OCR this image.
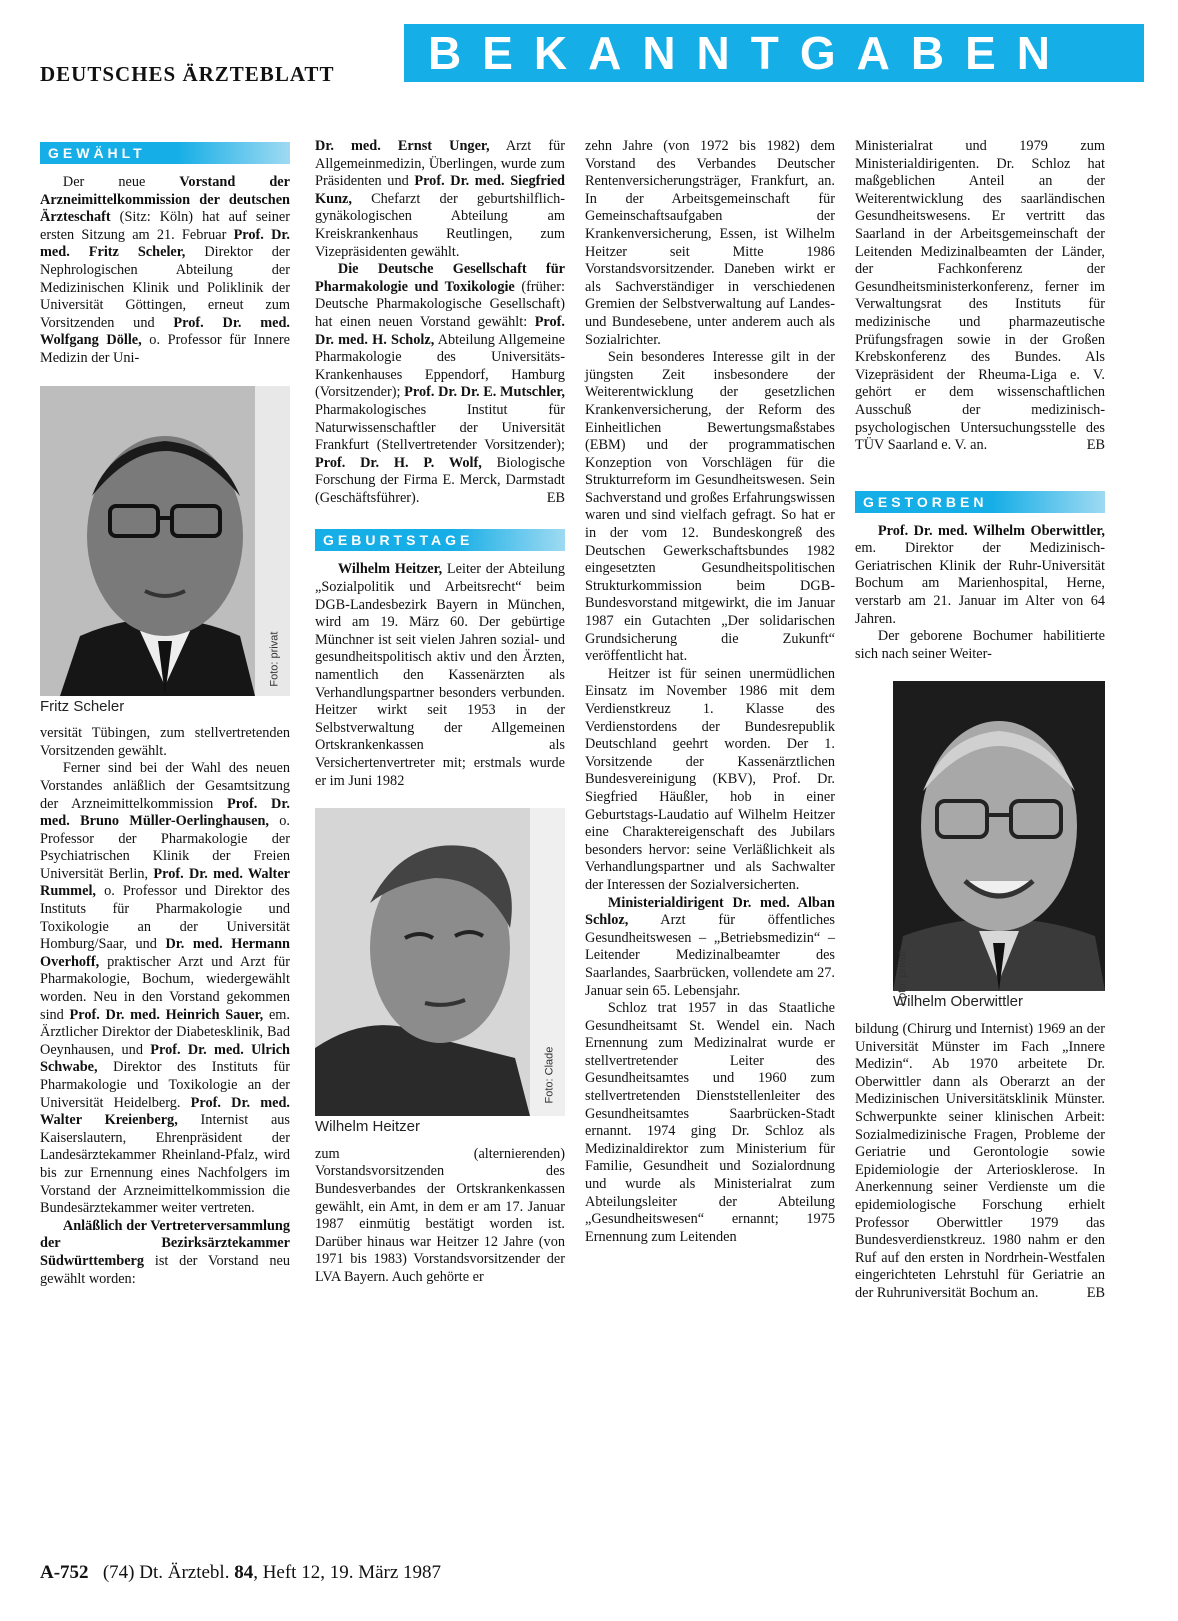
DEUTSCHES ÄRZTEBLATT	BEKANNTGABEN
GEWÄHLT

Der neue Vorstand der Arzneimittelkommission der deutschen Ärzteschaft (Sitz: Köln) hat auf seiner ersten Sitzung am 21. Februar Prof. Dr. med. Fritz Scheler, Direktor der Nephrologischen Abteilung der Medizinischen Klinik und Poliklinik der Universität Göttingen, erneut zum Vorsitzenden und Prof. Dr. med. Wolfgang Dölle, o. Professor für Innere Medizin der Uni-

Foto: privat
Fritz Scheler

versität Tübingen, zum stellvertretenden Vorsitzenden gewählt.

Ferner sind bei der Wahl des neuen Vorstandes anläßlich der Gesamtsitzung der Arzneimittelkommission Prof. Dr. med. Bruno Müller-Oerlinghausen, o. Professor der Pharmakologie der Psychiatrischen Klinik der Freien Universität Berlin, Prof. Dr. med. Walter Rummel, o. Professor und Direktor des Instituts für Pharmakologie und Toxikologie an der Universität Homburg/Saar, und Dr. med. Hermann Overhoff, praktischer Arzt und Arzt für Pharmakologie, Bochum, wiedergewählt worden. Neu in den Vorstand gekommen sind Prof. Dr. med. Heinrich Sauer, em. Ärztlicher Direktor der Diabetesklinik, Bad Oeynhausen, und Prof. Dr. med. Ulrich Schwabe, Direktor des Instituts für Pharmakologie und Toxikologie an der Universität Heidelberg. Prof. Dr. med. Walter Kreienberg, Internist aus Kaiserslautern, Ehrenpräsident der Landesärztekammer Rheinland-Pfalz, wird bis zur Ernennung eines Nachfolgers im Vorstand der Arzneimittelkommission die Bundesärztekammer weiter vertreten.

Anläßlich der Vertreterversammlung der Bezirksärztekammer Südwürttemberg ist der Vorstand neu gewählt worden:

Dr. med. Ernst Unger, Arzt für Allgemeinmedizin, Überlingen, wurde zum Präsidenten und Prof. Dr. med. Siegfried Kunz, Chefarzt der geburtshilflich-gynäkologischen Abteilung am Kreiskrankenhaus Reutlingen, zum Vizepräsidenten gewählt.

Die Deutsche Gesellschaft für Pharmakologie und Toxikologie (früher: Deutsche Pharmakologische Gesellschaft) hat einen neuen Vorstand gewählt: Prof. Dr. med. H. Scholz, Abteilung Allgemeine Pharmakologie des Universitäts-Krankenhauses Eppendorf, Hamburg (Vorsitzender); Prof. Dr. Dr. E. Mutschler, Pharmakologisches Institut für Naturwissenschaftler der Universität Frankfurt (Stellvertretender Vorsitzender); Prof. Dr. H. P. Wolf, Biologische Forschung der Firma E. Merck, Darmstadt (Geschäftsführer).	EB

GEBURTSTAGE

Wilhelm Heitzer, Leiter der Abteilung „Sozialpolitik und Arbeitsrecht“ beim DGB-Landesbezirk Bayern in München, wird am 19. März 60. Der gebürtige Münchner ist seit vielen Jahren sozial- und gesundheitspolitisch aktiv und den Ärzten, namentlich den Kassenärzten als Verhandlungspartner besonders verbunden. Heitzer wirkt seit 1953 in der Selbstverwaltung der Allgemeinen Ortskrankenkassen als Versichertenvertreter mit; erstmals wurde er im Juni 1982

Foto: Clade
Wilhelm Heitzer

zum (alternierenden) Vorstandsvorsitzenden des Bundesverbandes der Ortskrankenkassen gewählt, ein Amt, in dem er am 17. Januar 1987 einmütig bestätigt worden ist. Darüber hinaus war Heitzer 12 Jahre (von 1971 bis 1983) Vorstandsvorsitzender der LVA Bayern. Auch gehörte er

zehn Jahre (von 1972 bis 1982) dem Vorstand des Verbandes Deutscher Rentenversicherungsträger, Frankfurt, an. In der Arbeitsgemeinschaft für Gemeinschaftsaufgaben der Krankenversicherung, Essen, ist Wilhelm Heitzer seit Mitte 1986 Vorstandsvorsitzender. Daneben wirkt er als Sachverständiger in verschiedenen Gremien der Selbstverwaltung auf Landes- und Bundesebene, unter anderem auch als Sozialrichter.

Sein besonderes Interesse gilt in der jüngsten Zeit insbesondere der Weiterentwicklung der gesetzlichen Krankenversicherung, der Reform des Einheitlichen Bewertungsmaßstabes (EBM) und der programmatischen Konzeption von Vorschlägen für die Strukturreform im Gesundheitswesen. Sein Sachverstand und großes Erfahrungswissen waren und sind vielfach gefragt. So hat er in der vom 12. Bundeskongreß des Deutschen Gewerkschaftsbundes 1982 eingesetzten Gesundheitspolitischen Strukturkommission beim DGB-Bundesvorstand mitgewirkt, die im Januar 1987 ein Gutachten „Der solidarischen Grundsicherung die Zukunft“ veröffentlicht hat.

Heitzer ist für seinen unermüdlichen Einsatz im November 1986 mit dem Verdienstkreuz 1. Klasse des Verdienstordens der Bundesrepublik Deutschland geehrt worden. Der 1. Vorsitzende der Kassenärztlichen Bundesvereinigung (KBV), Prof. Dr. Siegfried Häußler, hob in einer Geburtstags-Laudatio auf Wilhelm Heitzer eine Charaktereigenschaft des Jubilars besonders hervor: seine Verläßlichkeit als Verhandlungspartner und als Sachwalter der Interessen der Sozialversicherten.

Ministerialdirigent Dr. med. Alban Schloz, Arzt für öffentliches Gesundheitswesen – „Betriebsmedizin“ – Leitender Medizinalbeamter des Saarlandes, Saarbrücken, vollendete am 27. Januar sein 65. Lebensjahr.

Schloz trat 1957 in das Staatliche Gesundheitsamt St. Wendel ein. Nach Ernennung zum Medizinalrat wurde er stellvertretender Leiter des Gesundheitsamtes und 1960 zum stellvertretenden Dienststellenleiter des Gesundheitsamtes Saarbrücken-Stadt ernannt. 1974 ging Dr. Schloz als Medizinaldirektor zum Ministerium für Familie, Gesundheit und Sozialordnung und wurde als Ministerialrat zum Abteilungsleiter der Abteilung „Gesundheitswesen“ ernannt; 1975 Ernennung zum Leitenden

Ministerialrat und 1979 zum Ministerialdirigenten. Dr. Schloz hat maßgeblichen Anteil an der Weiterentwicklung des saarländischen Gesundheitswesens. Er vertritt das Saarland in der Arbeitsgemeinschaft der Leitenden Medizinalbeamten der Länder, der Fachkonferenz der Gesundheitsministerkonferenz, ferner im Verwaltungsrat des Instituts für medizinische und pharmazeutische Prüfungsfragen sowie in der Großen Krebskonferenz des Bundes. Als Vizepräsident der Rheuma-Liga e. V. gehört er dem wissenschaftlichen Ausschuß der medizinisch-psychologischen Untersuchungsstelle des TÜV Saarland e. V. an.	EB

GESTORBEN

Prof. Dr. med. Wilhelm Oberwittler, em. Direktor der Medizinisch-Geriatrischen Klinik der Ruhr-Universität Bochum am Marienhospital, Herne, verstarb am 21. Januar im Alter von 64 Jahren.

Der geborene Bochumer habilitierte sich nach seiner Weiter-

Foto: privat
Wilhelm Oberwittler

bildung (Chirurg und Internist) 1969 an der Universität Münster im Fach „Innere Medizin“. Ab 1970 arbeitete Dr. Oberwittler dann als Oberarzt an der Medizinischen Universitätsklinik Münster. Schwerpunkte seiner klinischen Arbeit: Sozialmedizinische Fragen, Probleme der Geriatrie und Gerontologie sowie Epidemiologie der Arteriosklerose. In Anerkennung seiner Verdienste um die epidemiologische Forschung erhielt Professor Oberwittler 1979 das Bundesverdienstkreuz. 1980 nahm er den Ruf auf den ersten in Nordrhein-Westfalen eingerichteten Lehrstuhl für Geriatrie an der Ruhruniversität Bochum an.	EB

A-752 (74) Dt. Ärztebl. 84, Heft 12, 19. März 1987
